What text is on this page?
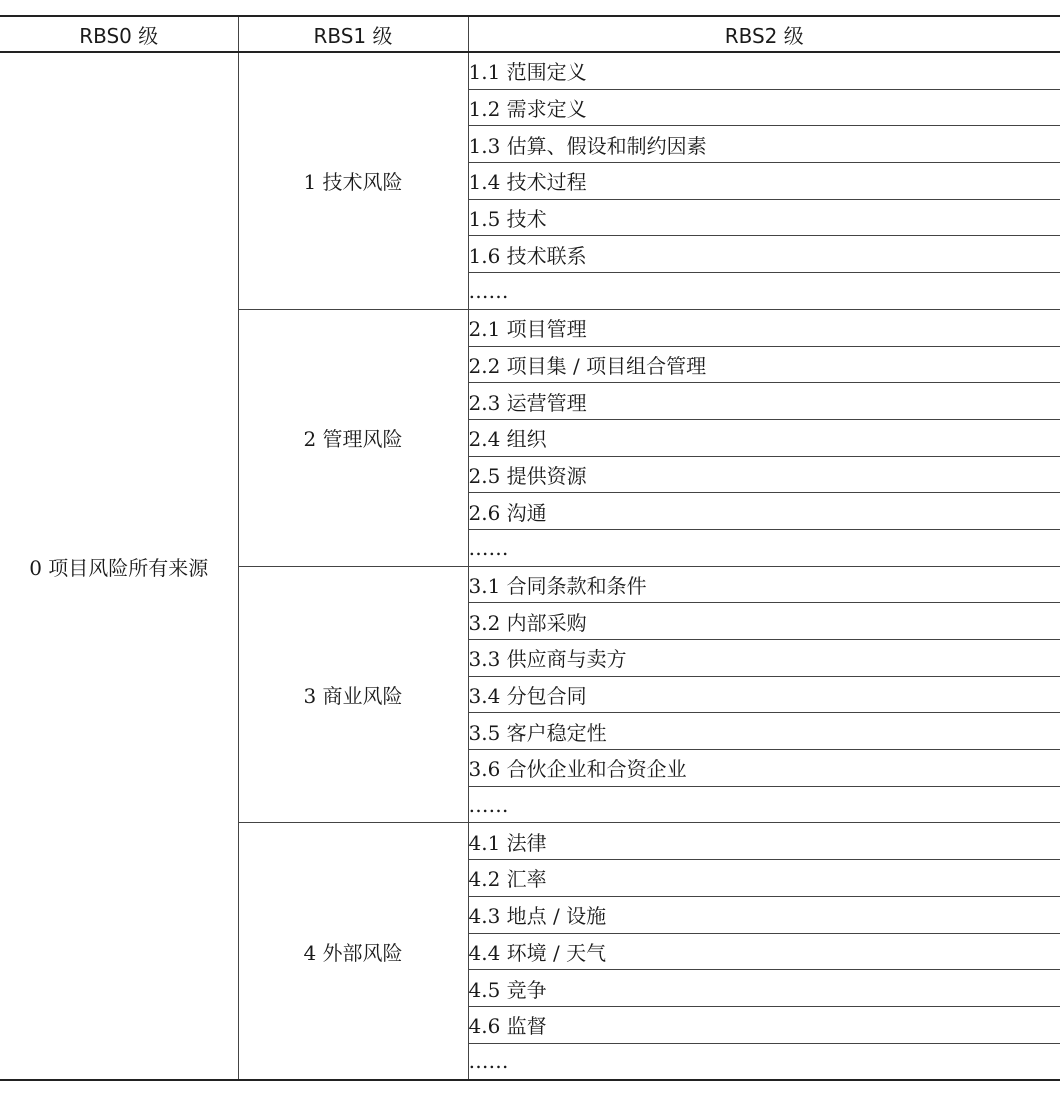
RBS0 级	RBS1 级	RBS2 级
0 项目风险所有来源	1 技术风险	1.1 范围定义
		1.2 需求定义
		1.3 估算、假设和制约因素
		1.4 技术过程
		1.5 技术
		1.6 技术联系
		……
	2 管理风险	2.1 项目管理
		2.2 项目集 / 项目组合管理
		2.3 运营管理
		2.4 组织
		2.5 提供资源
		2.6 沟通
		……
	3 商业风险	3.1 合同条款和条件
		3.2 内部采购
		3.3 供应商与卖方
		3.4 分包合同
		3.5 客户稳定性
		3.6 合伙企业和合资企业
		……
	4 外部风险	4.1 法律
		4.2 汇率
		4.3 地点 / 设施
		4.4 环境 / 天气
		4.5 竞争
		4.6 监督
		……
